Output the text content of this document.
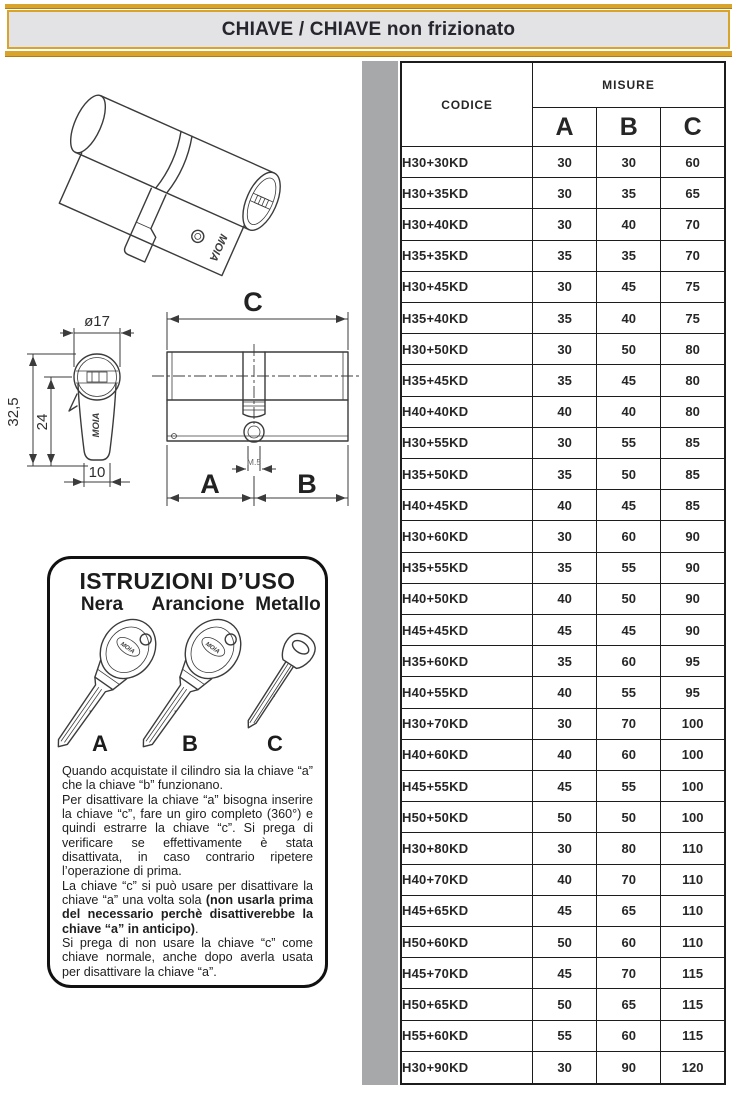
CHIAVE / CHIAVE non frizionato
MOIA
MOIA
ø17
32,5 24
10
C
M.5
A	B
ISTRUZIONI D’USO
Nera	Arancione Metallo
MOIA	MOIA
A	B	C

Quando acquistate il cilindro sia la chiave “a” che la chiave “b” funzionano.

Per disattivare la chiave “a” bisogna inserire la chiave “c”, fare un giro completo (360°) e quindi estrarre la chiave “c”. Si prega di verificare se effettivamente è stata disattivata, in caso contrario ripetere l’operazione di prima.

La chiave “c” si può usare per disattivare la chiave “a” una volta sola (non usarla prima del necessario perchè disattiverebbe la chiave “a” in anticipo).

Si prega di non usare la chiave “c” come chiave normale, anche dopo averla usata per disattivare la chiave “a”.

CODICE	MISURE		
	A	B	C
H30+30KD	30	30	60
H30+35KD	30	35	65
H30+40KD	30	40	70
H35+35KD	35	35	70
H30+45KD	30	45	75
H35+40KD	35	40	75
H30+50KD	30	50	80
H35+45KD	35	45	80
H40+40KD	40	40	80
H30+55KD	30	55	85
H35+50KD	35	50	85
H40+45KD	40	45	85
H30+60KD	30	60	90
H35+55KD	35	55	90
H40+50KD	40	50	90
H45+45KD	45	45	90
H35+60KD	35	60	95
H40+55KD	40	55	95
H30+70KD	30	70	100
H40+60KD	40	60	100
H45+55KD	45	55	100
H50+50KD	50	50	100
H30+80KD	30	80	110
H40+70KD	40	70	110
H45+65KD	45	65	110
H50+60KD	50	60	110
H45+70KD	45	70	115
H50+65KD	50	65	115
H55+60KD	55	60	115
H30+90KD	30	90	120
